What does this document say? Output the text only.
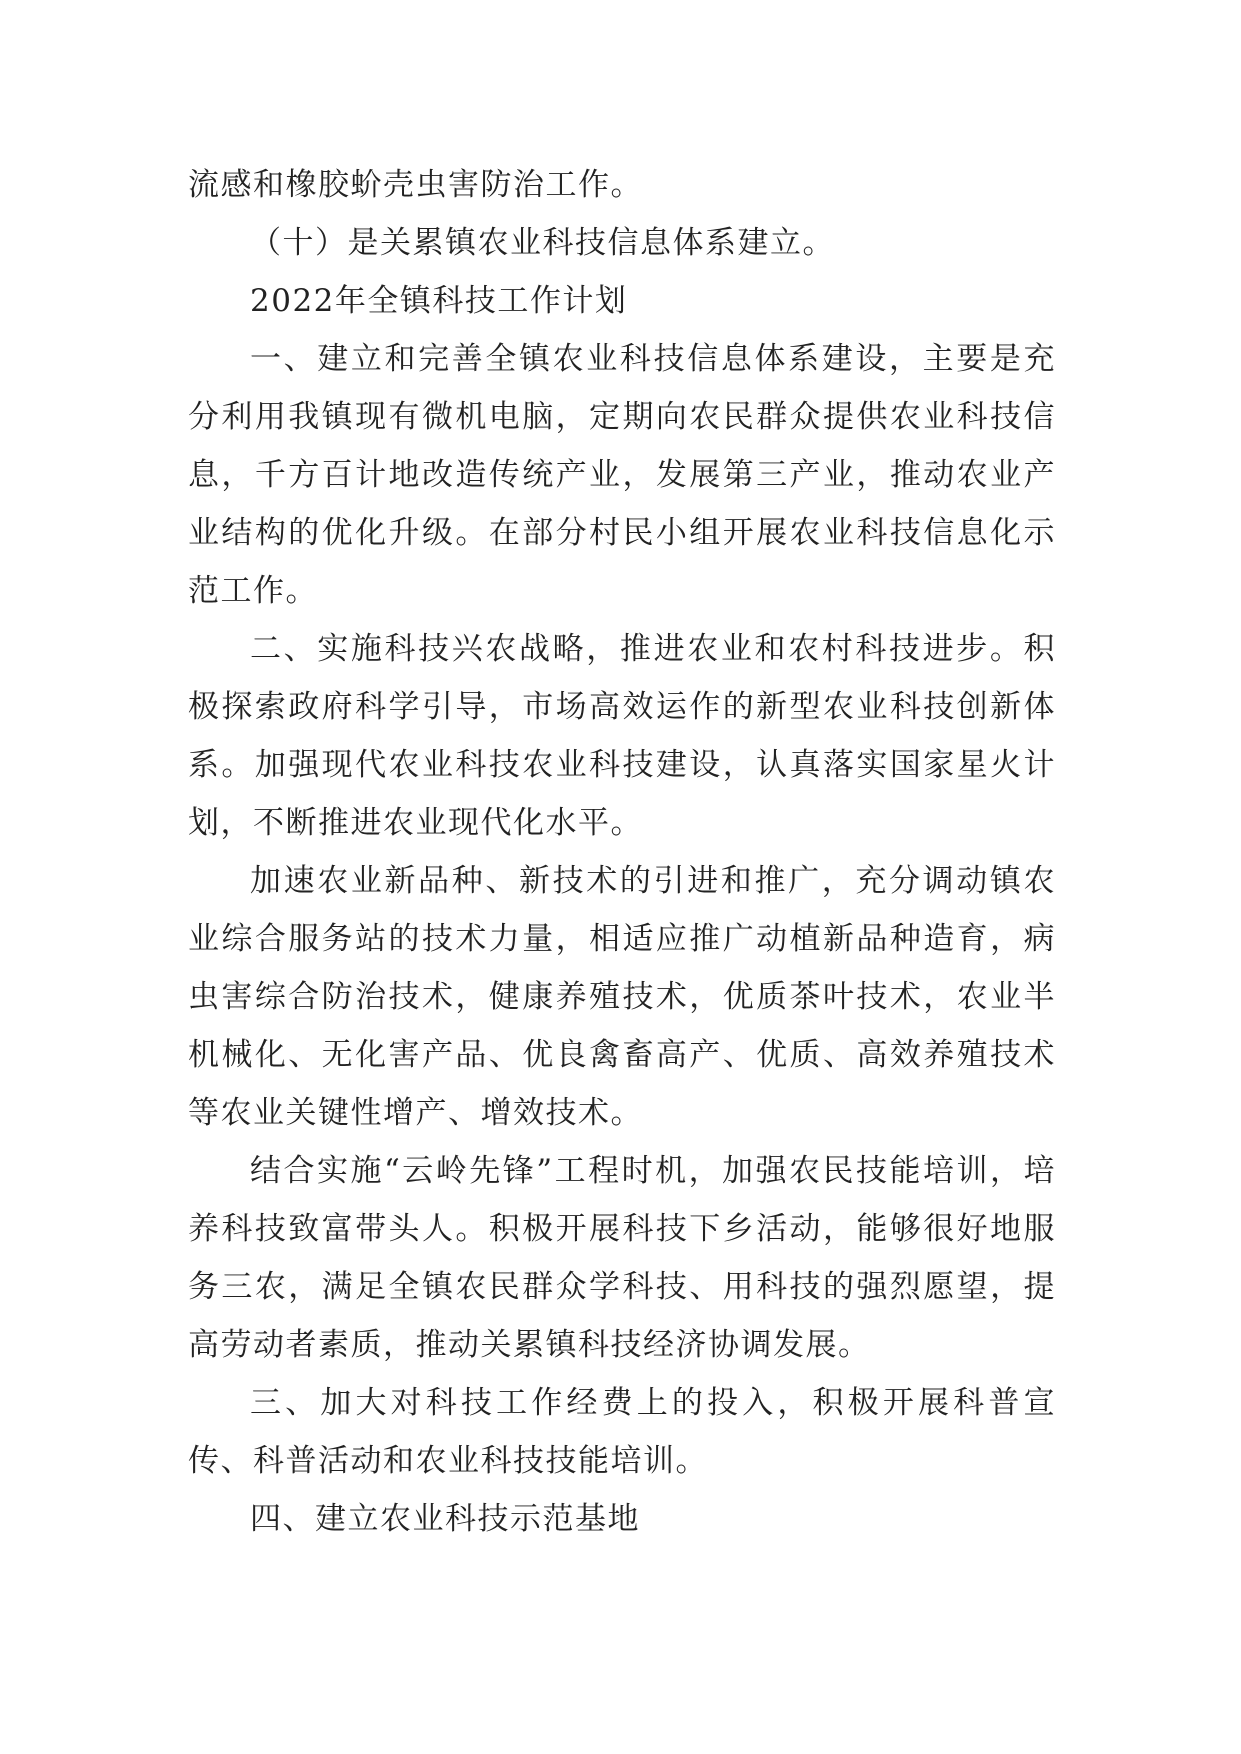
流感和橡胶蚧壳虫害防治工作。

（十）是关累镇农业科技信息体系建立。

2022年全镇科技工作计划

一、建立和完善全镇农业科技信息体系建设，主要是充分利用我镇现有微机电脑，定期向农民群众提供农业科技信息，千方百计地改造传统产业，发展第三产业，推动农业产业结构的优化升级。在部分村民小组开展农业科技信息化示范工作。

二、实施科技兴农战略，推进农业和农村科技进步。积极探索政府科学引导，市场高效运作的新型农业科技创新体系。加强现代农业科技农业科技建设，认真落实国家星火计划，不断推进农业现代化水平。

加速农业新品种、新技术的引进和推广，充分调动镇农业综合服务站的技术力量，相适应推广动植新品种造育，病虫害综合防治技术，健康养殖技术，优质茶叶技术，农业半机械化、无化害产品、优良禽畜高产、优质、高效养殖技术等农业关键性增产、增效技术。

结合实施“云岭先锋”工程时机，加强农民技能培训，培养科技致富带头人。积极开展科技下乡活动，能够很好地服务三农，满足全镇农民群众学科技、用科技的强烈愿望，提高劳动者素质，推动关累镇科技经济协调发展。

三、加大对科技工作经费上的投入，积极开展科普宣传、科普活动和农业科技技能培训。

四、建立农业科技示范基地
